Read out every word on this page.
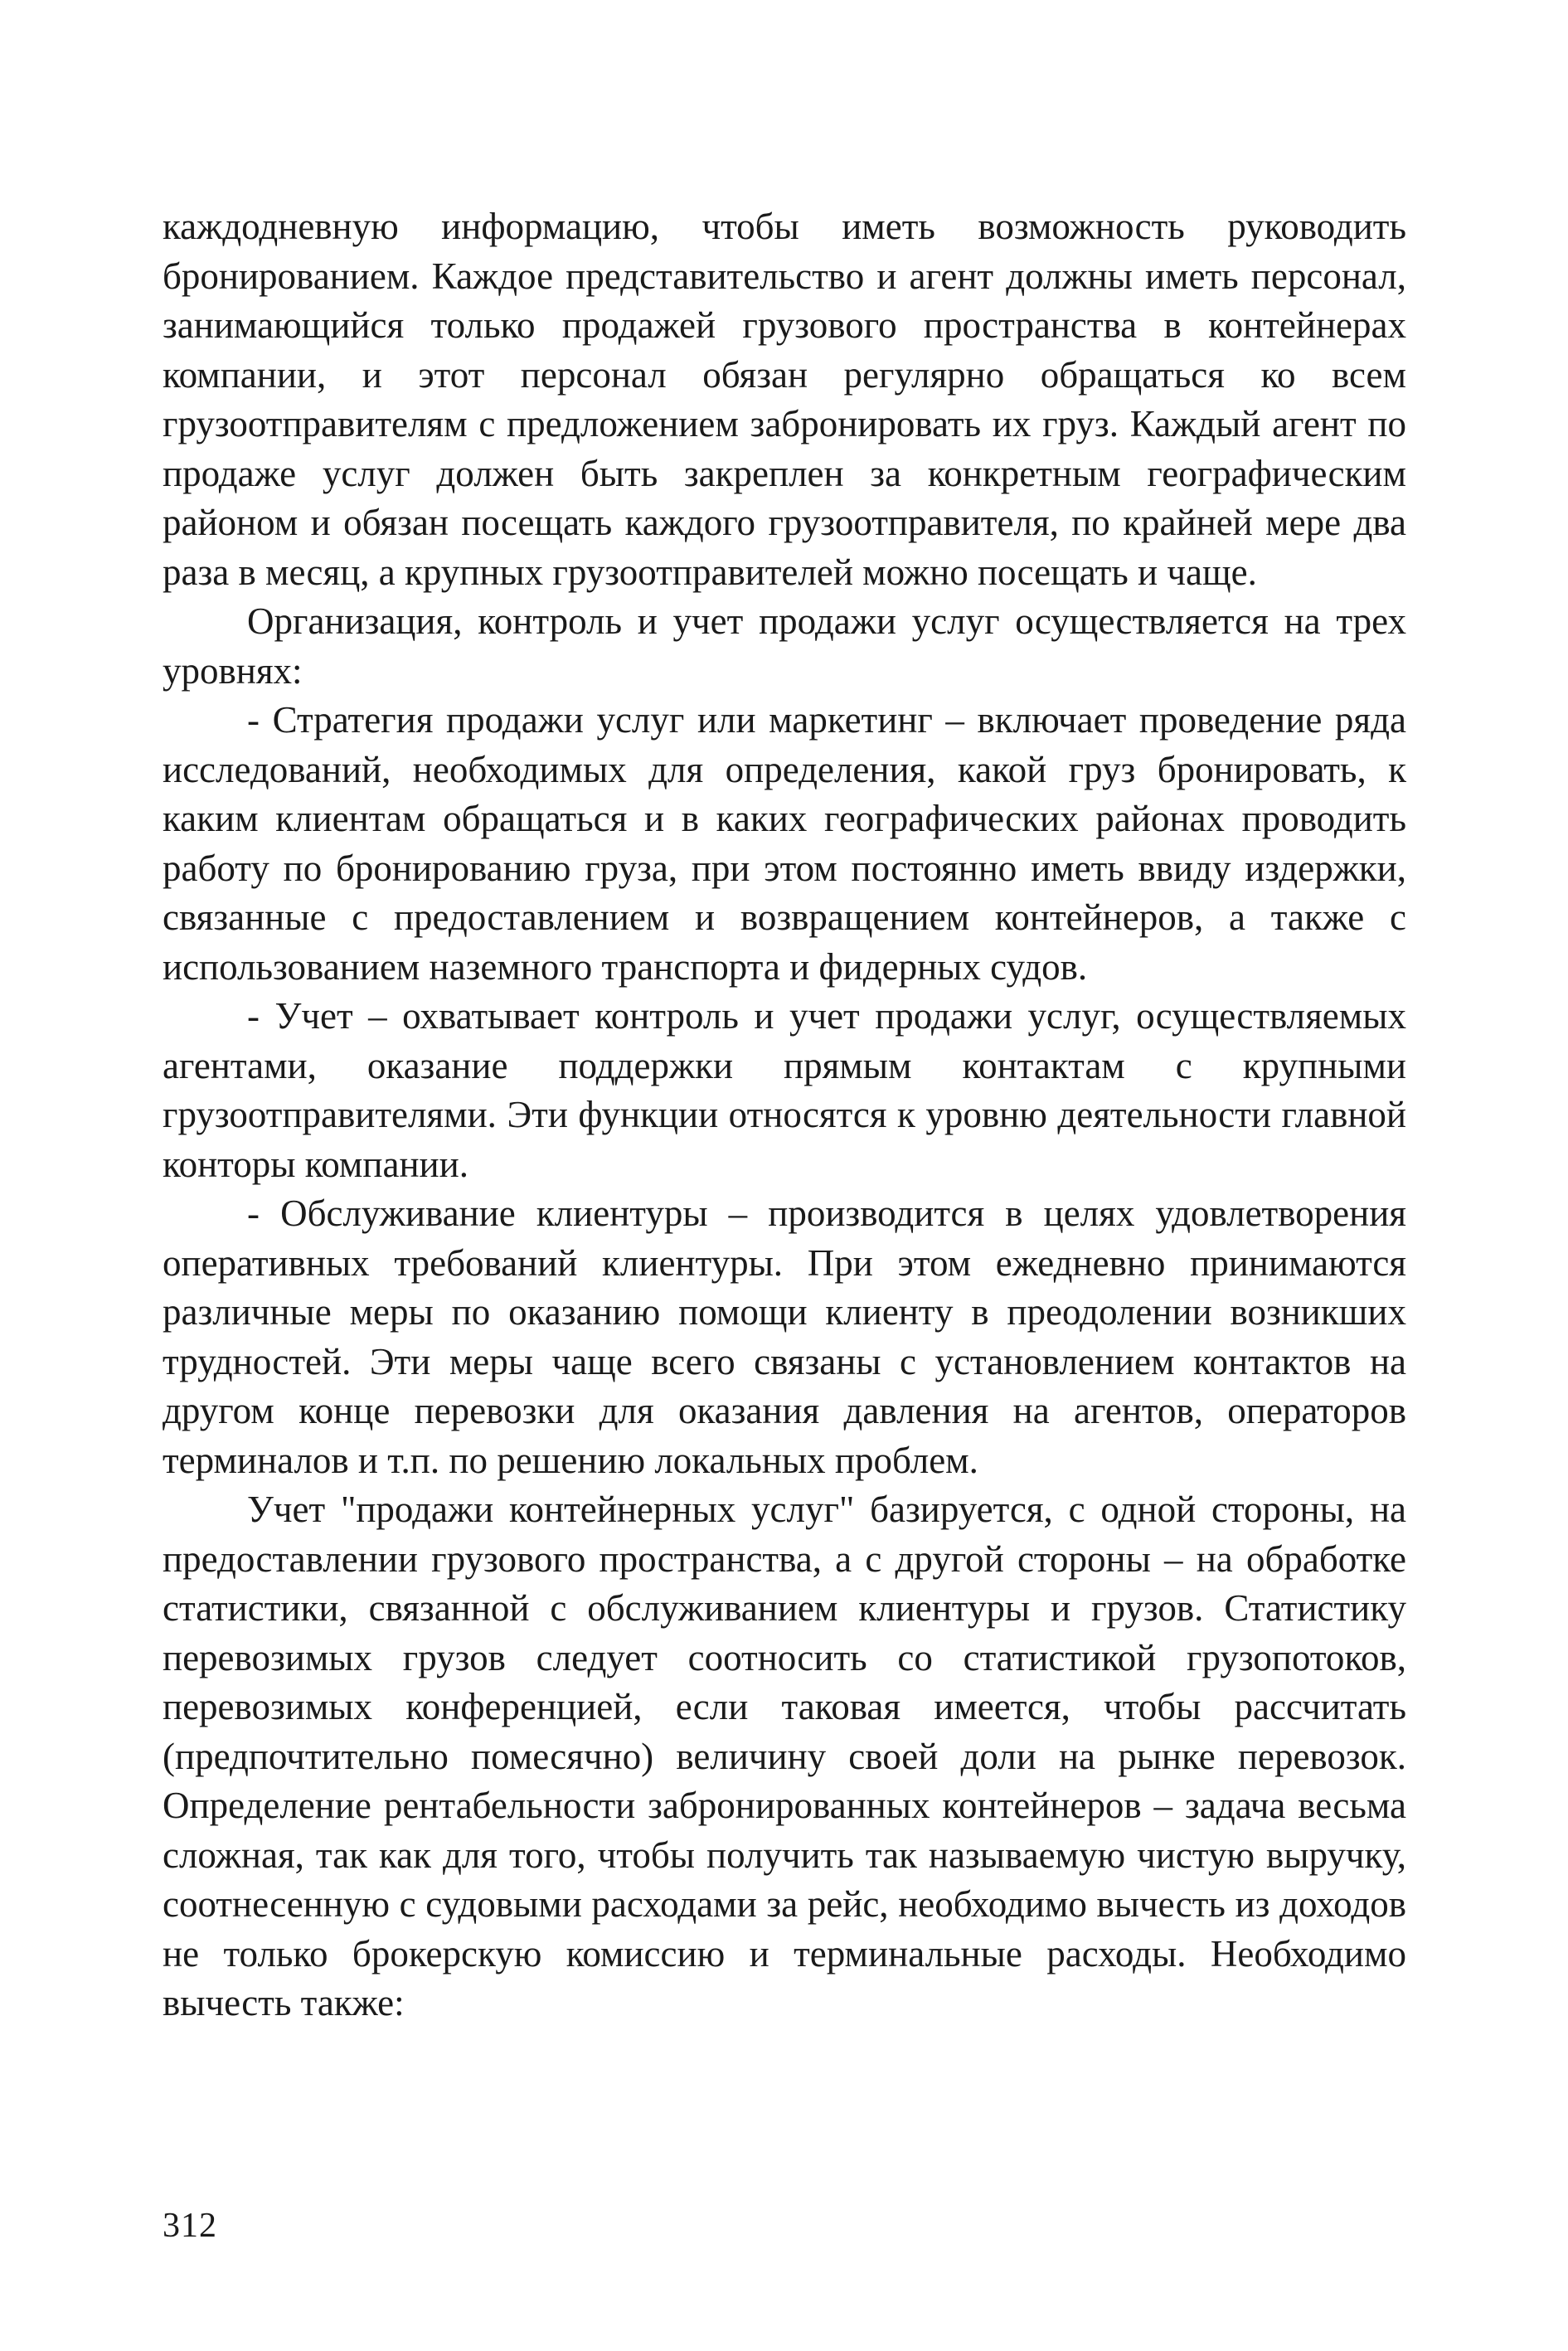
каждодневную информацию, чтобы иметь возможность руководить бронированием. Каждое представительство и агент должны иметь персонал, занимающийся только продажей грузового пространства в контейнерах компании, и этот персонал обязан регулярно обращаться ко всем грузоотправителям с предложением забронировать их груз. Каждый агент по продаже услуг должен быть закреплен за конкретным географическим районом и обязан посещать каждого грузоотправителя, по крайней мере два раза в месяц, а крупных грузоотправителей можно посещать и чаще.

Организация, контроль и учет продажи услуг осуществляется на трех уровнях:

- Стратегия продажи услуг или маркетинг – включает проведение ряда исследований, необходимых для определения, какой груз бронировать, к каким клиентам обращаться и в каких географических районах проводить работу по бронированию груза, при этом постоянно иметь ввиду издержки, связанные с предоставлением и возвращением контейнеров, а также с использованием наземного транспорта и фидерных судов.

- Учет – охватывает контроль и учет продажи услуг, осуществляемых агентами, оказание поддержки прямым контактам с крупными грузоотправителями. Эти функции относятся к уровню деятельности главной конторы компании.

- Обслуживание клиентуры – производится в целях удовлетворения оперативных требований клиентуры. При этом ежедневно принимаются различные меры по оказанию помощи клиенту в преодолении возникших трудностей. Эти меры чаще всего связаны с установлением контактов на другом конце перевозки для оказания давления на агентов, операторов терминалов и т.п. по решению локальных проблем.

Учет "продажи контейнерных услуг" базируется, с одной стороны, на предоставлении грузового пространства, а с другой стороны – на обработке статистики, связанной с обслуживанием клиентуры и грузов. Статистику перевозимых грузов следует соотносить со статистикой грузопотоков, перевозимых конференцией, если таковая имеется, чтобы рассчитать (предпочтительно помесячно) величину своей доли на рынке перевозок. Определение рентабельности забронированных контейнеров – задача весьма сложная, так как для того, чтобы получить так называемую чистую выручку, соотнесенную с судовыми расходами за рейс, необходимо вычесть из доходов не только брокерскую комиссию и терминальные расходы. Необходимо вычесть также:

312
